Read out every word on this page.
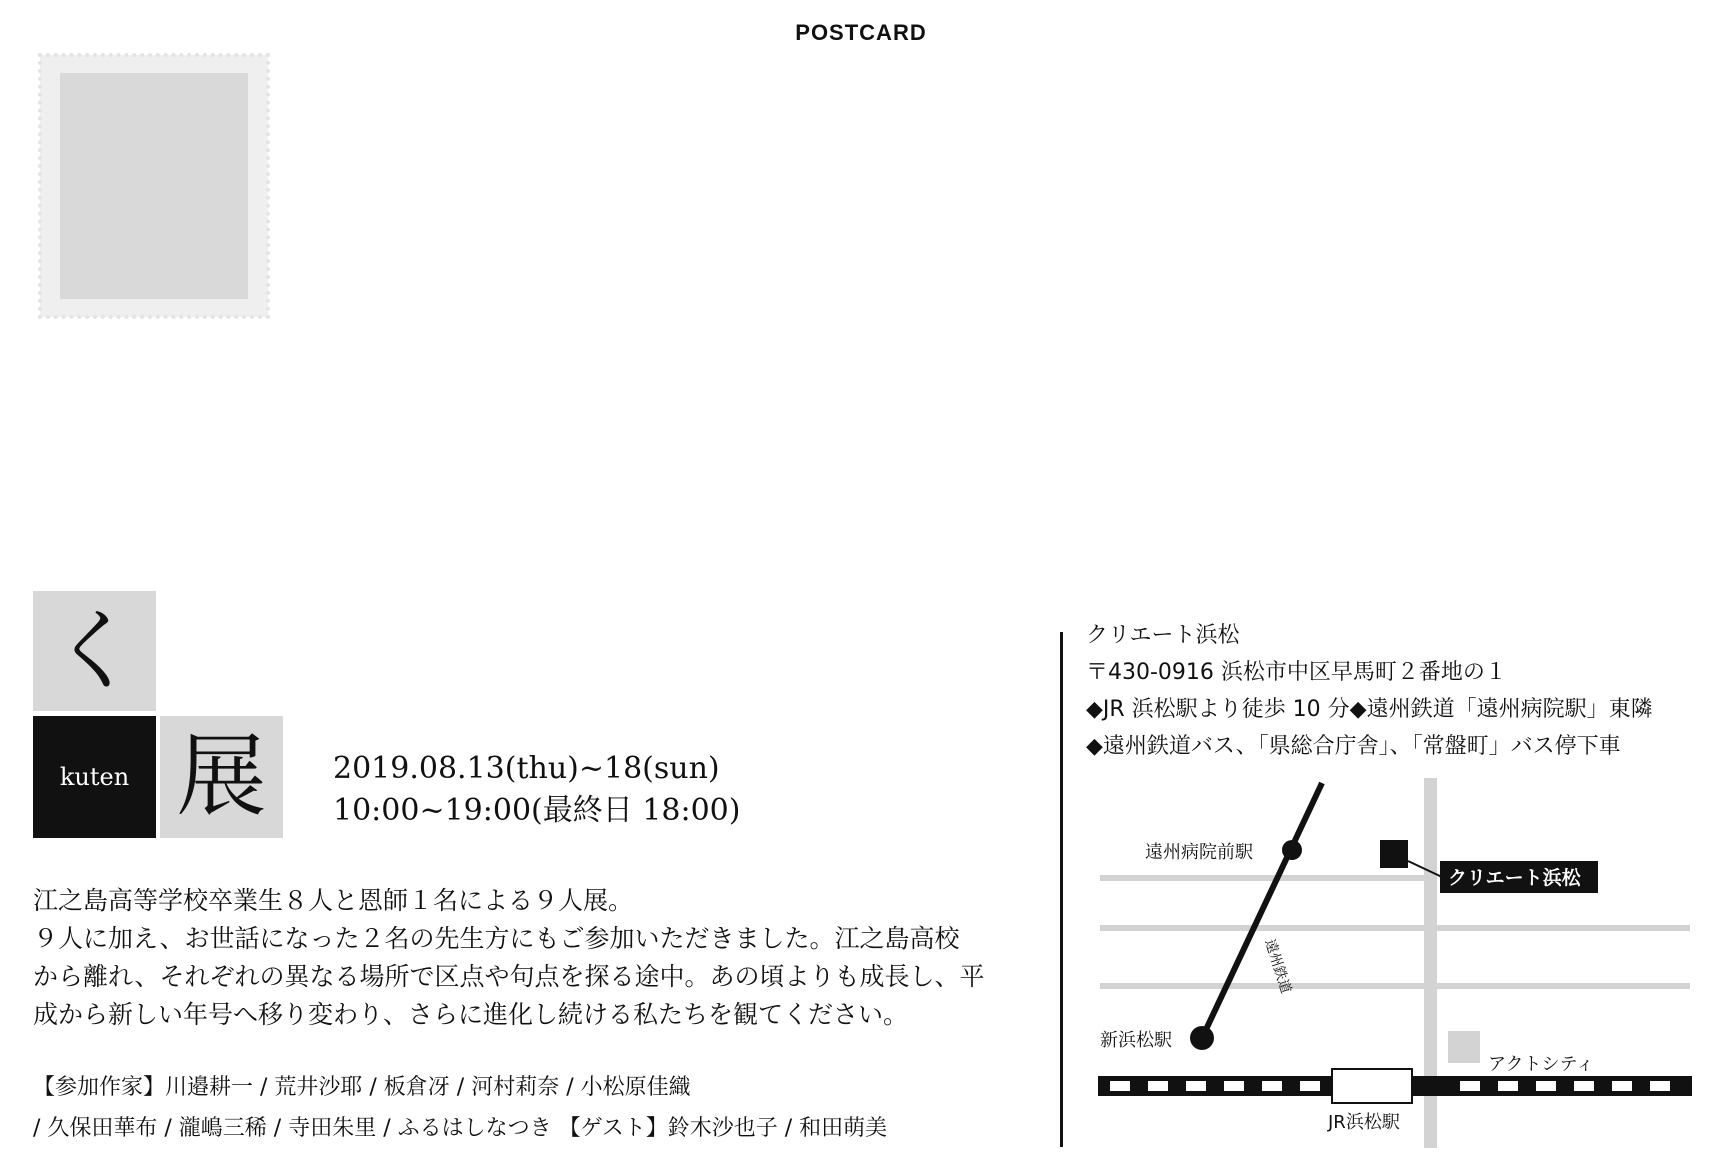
POSTCARD
く
kuten 展	2019.08.13(thu)~18(sun)
10:00~19:00(最終日 18:00)
江之島高等学校卒業生８人と恩師１名による９人展。
９人に加え、お世話になった２名の先生方にもご参加いただきました。江之島高校
から離れ、それぞれの異なる場所で区点や句点を探る途中。あの頃よりも成長し、平
成から新しい年号へ移り変わり、さらに進化し続ける私たちを観てください。
【参加作家】川邉耕一 / 荒井沙耶 / 板倉冴 / 河村莉奈 / 小松原佳織
/ 久保田華布 / 瀧嶋三稀 / 寺田朱里 / ふるはしなつき 【ゲスト】鈴木沙也子 / 和田萌美
クリエート浜松
〒430-0916 浜松市中区早馬町２番地の１
◆JR 浜松駅より徒歩 10 分◆遠州鉄道「遠州病院駅」東隣
◆遠州鉄道バス、「県総合庁舎」、「常盤町」バス停下車
遠州病院前駅
新浜松駅
遠州鉄道
クリエート浜松
アクトシティ
JR浜松駅
